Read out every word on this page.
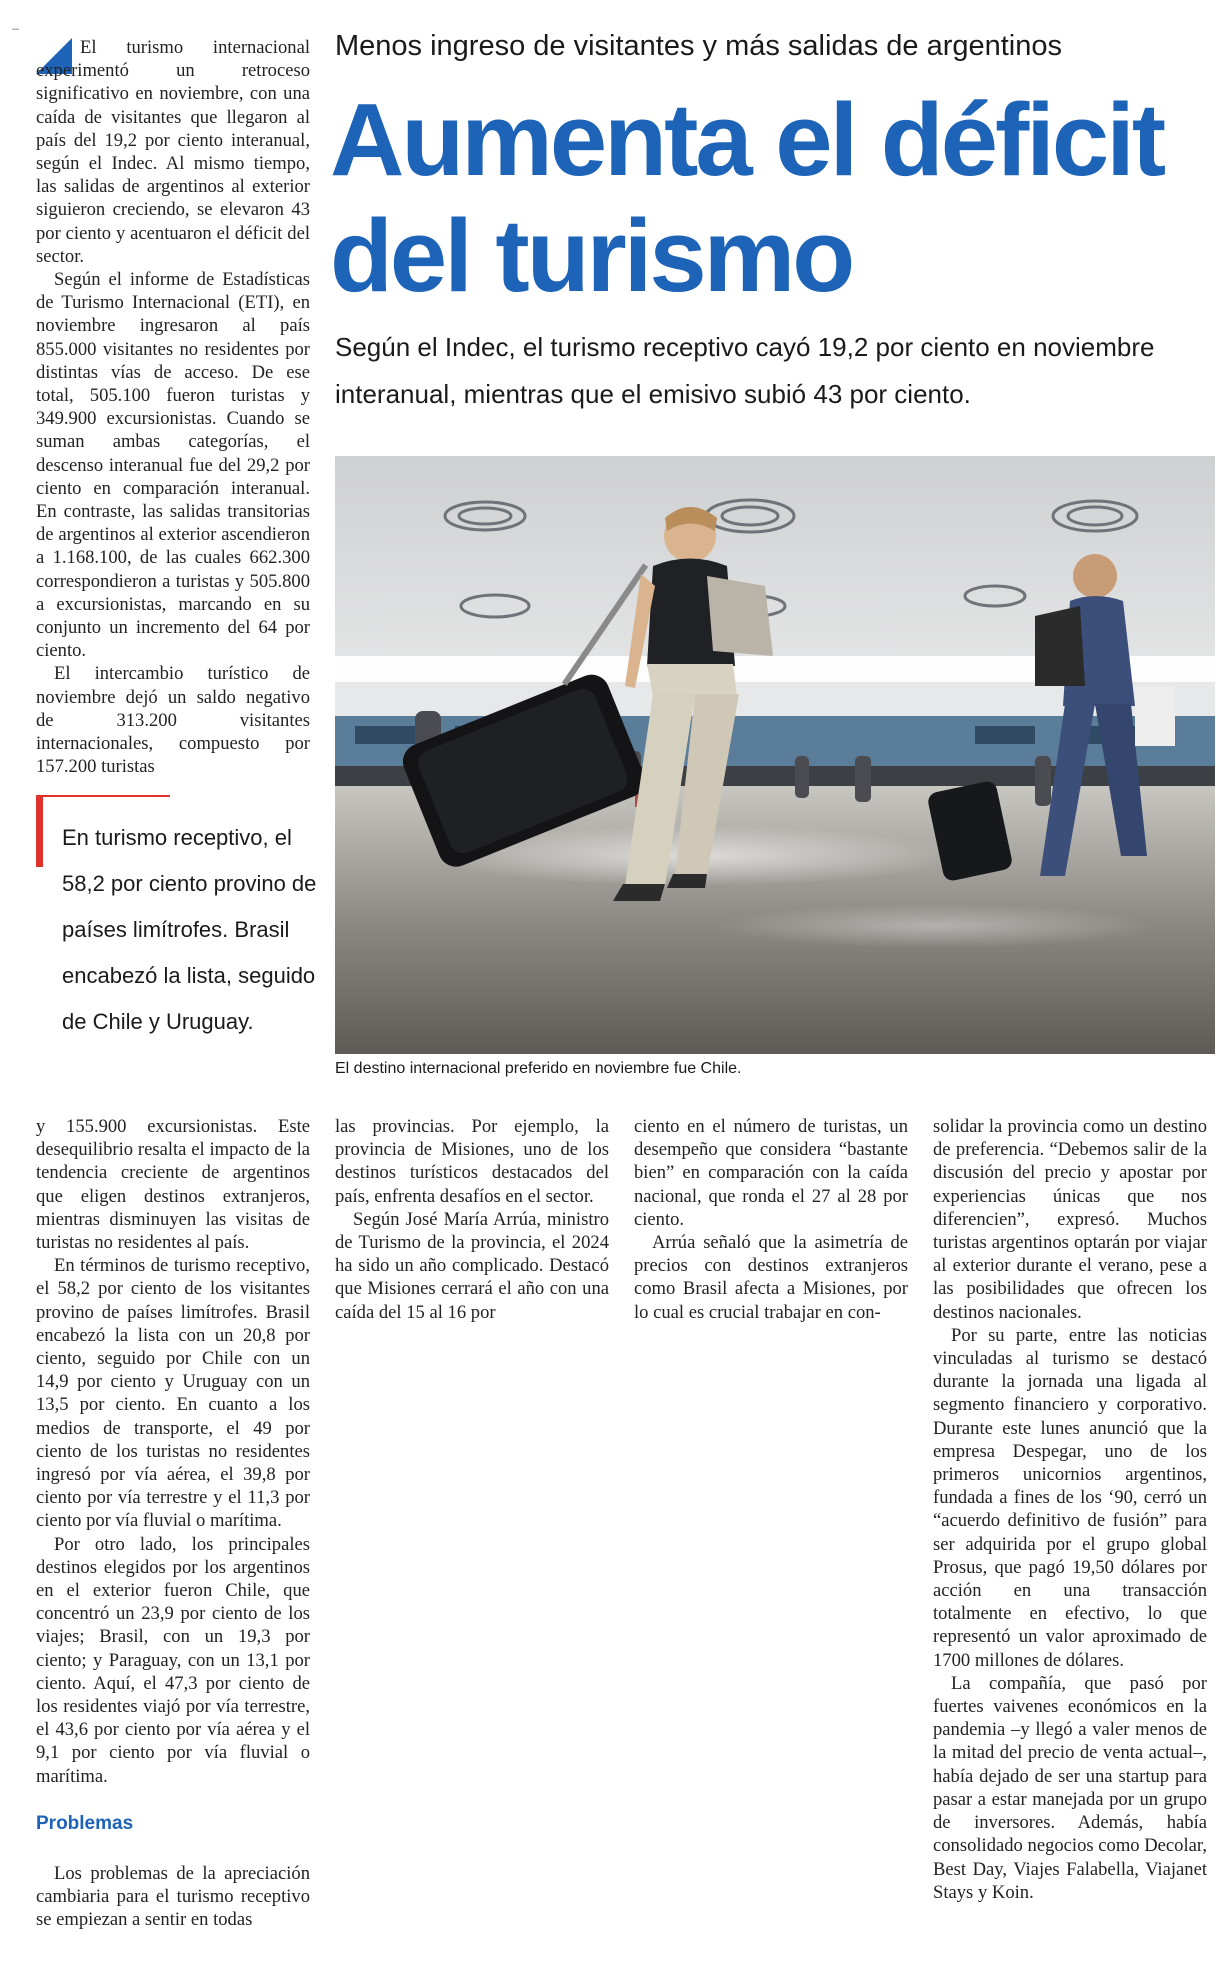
ǀ

El turismo internacional experimentó un retroceso significativo en noviembre, con una caída de visitantes que llegaron al país del 19,2 por ciento interanual, según el Indec. Al mismo tiempo, las salidas de argentinos al exterior siguieron creciendo, se elevaron 43 por ciento y acentuaron el déficit del sector.

Según el informe de Estadísticas de Turismo Internacional (ETI), en noviembre ingresaron al país 855.000 visitantes no residentes por distintas vías de acceso. De ese total, 505.100 fueron turistas y 349.900 excursionistas. Cuando se suman ambas categorías, el descenso interanual fue del 29,2 por ciento en comparación interanual. En contraste, las salidas transitorias de argentinos al exterior ascendieron a 1.168.100, de las cuales 662.300 correspondieron a turistas y 505.800 a excursionistas, marcando en su conjunto un incremento del 64 por ciento.

El intercambio turístico de noviembre dejó un saldo negativo de 313.200 visitantes internacionales, compuesto por 157.200 turistas

Menos ingreso de visitantes y más salidas de argentinos
Aumenta el déficit
del turismo
Según el Indec, el turismo receptivo cayó 19,2 por ciento en noviembre interanual, mientras que el emisivo subió 43 por ciento.
El destino internacional preferido en noviembre fue Chile.
En turismo receptivo, el 58,2 por ciento provino de países limítrofes. Brasil encabezó la lista, seguido de Chile y Uruguay.

y 155.900 excursionistas. Este desequilibrio resalta el impacto de la tendencia creciente de argentinos que eligen destinos extranjeros, mientras disminuyen las visitas de turistas no residentes al país.

En términos de turismo receptivo, el 58,2 por ciento de los visitantes provino de países limítrofes. Brasil encabezó la lista con un 20,8 por ciento, seguido por Chile con un 14,9 por ciento y Uruguay con un 13,5 por ciento. En cuanto a los medios de transporte, el 49 por ciento de los turistas no residentes ingresó por vía aérea, el 39,8 por ciento por vía terrestre y el 11,3 por ciento por vía fluvial o marítima.

Por otro lado, los principales destinos elegidos por los argentinos en el exterior fueron Chile, que concentró un 23,9 por ciento de los viajes; Brasil, con un 19,3 por ciento; y Paraguay, con un 13,1 por ciento. Aquí, el 47,3 por ciento de los residentes viajó por vía terrestre, el 43,6 por ciento por vía aérea y el 9,1 por ciento por vía fluvial o marítima.

Problemas

Los problemas de la apreciación cambiaria para el turismo receptivo se empiezan a sentir en todas

las provincias. Por ejemplo, la provincia de Misiones, uno de los destinos turísticos destacados del país, enfrenta desafíos en el sector.

Según José María Arrúa, ministro de Turismo de la provincia, el 2024 ha sido un año complicado. Destacó que Misiones cerrará el año con una caída del 15 al 16 por

ciento en el número de turistas, un desempeño que considera “bastante bien” en comparación con la caída nacional, que ronda el 27 al 28 por ciento.

Arrúa señaló que la asimetría de precios con destinos extranjeros como Brasil afecta a Misiones, por lo cual es crucial trabajar en con-

solidar la provincia como un destino de preferencia. “Debemos salir de la discusión del precio y apostar por experiencias únicas que nos diferencien”, expresó. Muchos turistas argentinos optarán por viajar al exterior durante el verano, pese a las posibilidades que ofrecen los destinos nacionales.

Por su parte, entre las noticias vinculadas al turismo se destacó durante la jornada una ligada al segmento financiero y corporativo. Durante este lunes anunció que la empresa Despegar, uno de los primeros unicornios argentinos, fundada a fines de los ‘90, cerró un “acuerdo definitivo de fusión” para ser adquirida por el grupo global Prosus, que pagó 19,50 dólares por acción en una transacción totalmente en efectivo, lo que representó un valor aproximado de 1700 millones de dólares.

La compañía, que pasó por fuertes vaivenes económicos en la pandemia –y llegó a valer menos de la mitad del precio de venta actual–, había dejado de ser una startup para pasar a estar manejada por un grupo de inversores. Además, había consolidado negocios como Decolar, Best Day, Viajes Falabella, Viajanet Stays y Koin.
